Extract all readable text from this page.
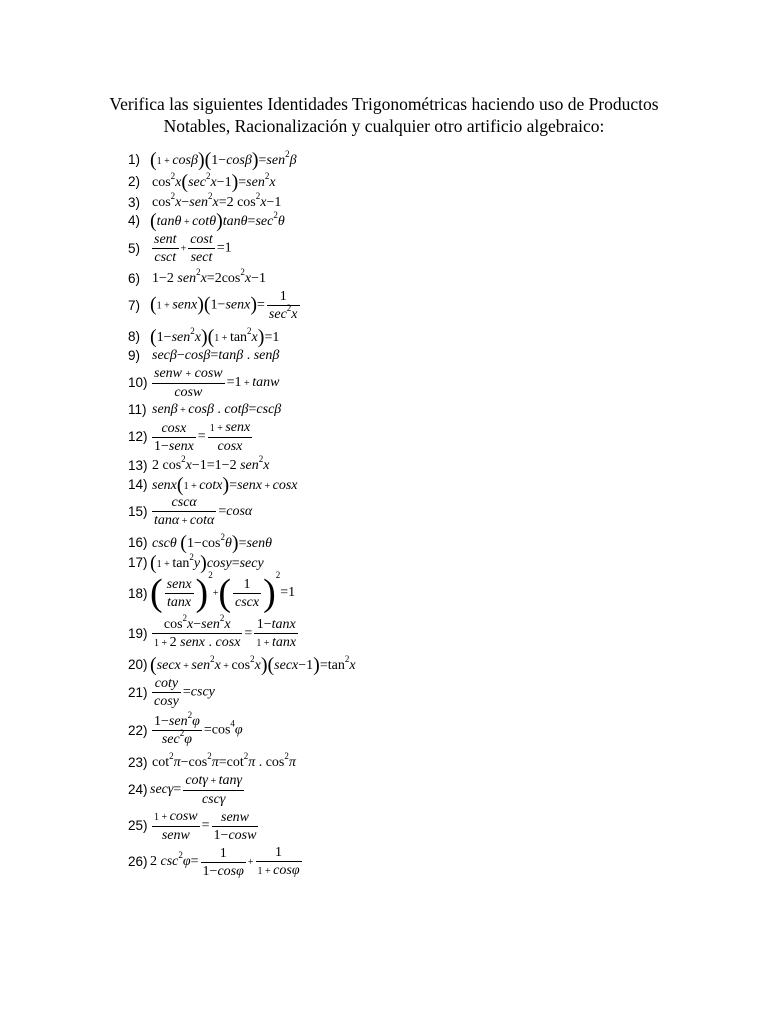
Verifica las siguientes Identidades Trigonométricas haciendo uso de Productos
Notables, Racionalización y cualquier otro artificio algebraico:
1) (1 + cosβ)(1−cosβ)=sen$^2$β
2) $\cos^2x(\sec^2x-1)=sen^2x$
3) $\cos^2x-sen^2x=2$ $\cos^2x-1$
4) $(\tan\theta + \cot\theta)\tan\theta=\sec^2\theta$
5)
sent
csct
+
cost
sect
=1
6) 1−2 $sen^2x=2\cos^2x-1$
7) (1 + senx)(1−senx)=
1
$\sec^2x$
8) $(1-sen^2x)(1 + \tan^2x)=1$
9) secβ−cosβ=tanβ . senβ
10)
senw + cosw
cosw
=1 + tanw
11) senβ + cosβ . cotβ=cscβ
12)
cosx
1−senx
=
1 + senx
cosx
13) 2 $\cos^2x-1=1-2$ sen$^2$x
14) senx(1 + cotx)=senx + cosx
15)
cscα
tanα + cotα
=cosα
16) cscθ $(1-\cos^2\theta)=sen\theta$
17) $(1 + \tan^2y)\cos y=\sec y$
18) ( senx
tanx )$^2$+( 1
cscx )$^2$=1
19)
$\cos^2x-sen^2x$
1 + 2 senx . cosx
= $\frac{1-\tan x}{1 + \tan x}$
20) $(\sec x + sen^2x + \cos^2x)(\sec x-1)=\tan^2x$
$21) \frac{\cot y}{\cos y} =\csc y$
22)
1−sen$^2$φ
$\sec^2\varphi$
$=\cos^4\varphi$
23) $\cot^2\pi-\cos^2\pi=\cot^2\pi$ . $\cos^2\pi$
24) secγ=
cotγ + tanγ
cscγ
25)
1 + cosw
senw
=
senw
1−cosw
26) 2 $\csc^2\varphi= \frac{1}{1-\cos\varphi} + \frac{1}{1 + \cos\varphi}$
